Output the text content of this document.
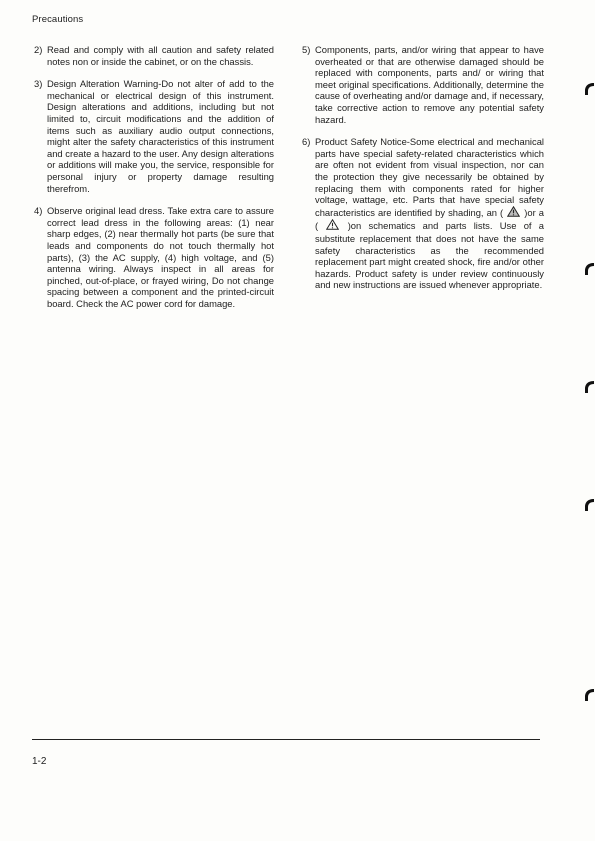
Precautions
2) Read and comply with all caution and safety related notes non or inside the cabinet, or on the chassis.
3) Design Alteration Warning-Do not alter of add to the mechanical or electrical design of this instrument. Design alterations and additions, including but not limited to, circuit modifications and the addition of items such as auxiliary audio output connections, might alter the safety characteristics of this instrument and create a hazard to the user. Any design alterations or additions will make you, the service, responsible for personal injury or property damage resulting therefrom.
4) Observe original lead dress. Take extra care to assure correct lead dress in the following areas: (1) near sharp edges, (2) near thermally hot parts (be sure that leads and components do not touch thermally hot parts), (3) the AC supply, (4) high voltage, and (5) antenna wiring. Always inspect in all areas for pinched, out-of-place, or frayed wiring, Do not change spacing between a component and the printed-circuit board. Check the AC power cord for damage.
5) Components, parts, and/or wiring that appear to have overheated or that are otherwise damaged should be replaced with components, parts and/ or wiring that meet original specifications. Additionally, determine the cause of overheating and/or damage and, if necessary, take corrective action to remove any potential safety hazard.
6) Product Safety Notice-Some electrical and mechanical parts have special safety-related characteristics which are often not evident from visual inspection, nor can the protection they give necessarily be obtained by replacing them with components rated for higher voltage, wattage, etc. Parts that have special safety characteristics are identified by shading, an ( )or a (	)on schematics and parts lists. Use of a substitute replacement that does not have the same safety characteristics as the recommended replacement part might created shock, fire and/or other hazards. Product safety is under review continuously and new instructions are issued whenever appropriate.
1-2
